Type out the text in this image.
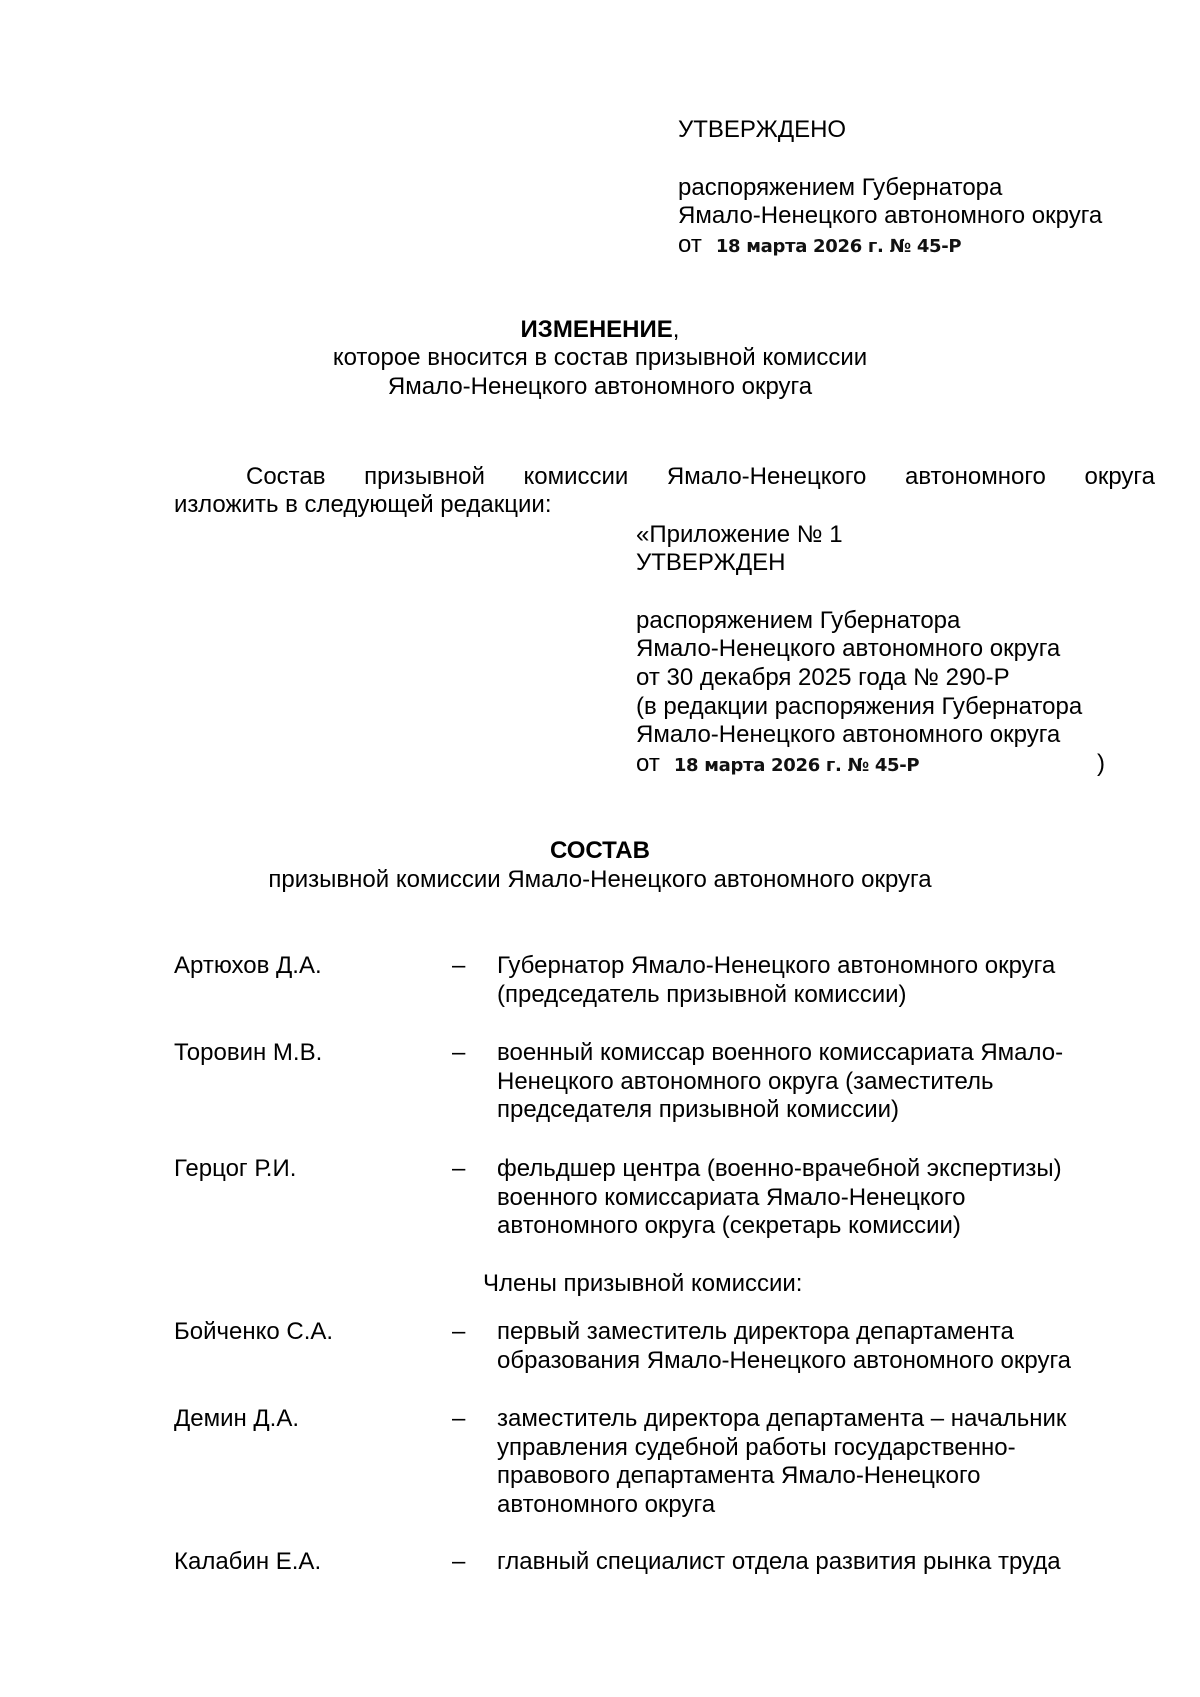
УТВЕРЖДЕНО
распоряжением Губернатора
Ямало-Ненецкого автономного округа
от 18 марта 2026 г. № 45-Р
ИЗМЕНЕНИЕ,
которое вносится в состав призывной комиссии
Ямало-Ненецкого автономного округа
Состав призывной комиссии Ямало-Ненецкого автономного округа
изложить в следующей редакции:
«Приложение № 1
УТВЕРЖДЕН
распоряжением Губернатора
Ямало-Ненецкого автономного округа
от 30 декабря 2025 года № 290-Р
(в редакции распоряжения Губернатора
Ямало-Ненецкого автономного округа
от 18 марта 2026 г. № 45-Р	)
СОСТАВ
призывной комиссии Ямало-Ненецкого автономного округа
Артюхов Д.А.	– Губернатор Ямало-Ненецкого автономного округа
(председатель призывной комиссии)
Торовин М.В.	– военный комиссар военного комиссариата Ямало-
Ненецкого автономного округа (заместитель
председателя призывной комиссии)
Герцог Р.И.	– фельдшер центра (военно-врачебной экспертизы)
военного комиссариата Ямало-Ненецкого
автономного округа (секретарь комиссии)
Бойченко С.А.	– первый заместитель директора департамента
образования Ямало-Ненецкого автономного округа
Демин Д.А.	– заместитель директора департамента – начальник
управления судебной работы государственно-
правового департамента Ямало-Ненецкого
автономного округа
Калабин Е.А.	– главный специалист отдела развития рынка труда
Члены призывной комиссии:
